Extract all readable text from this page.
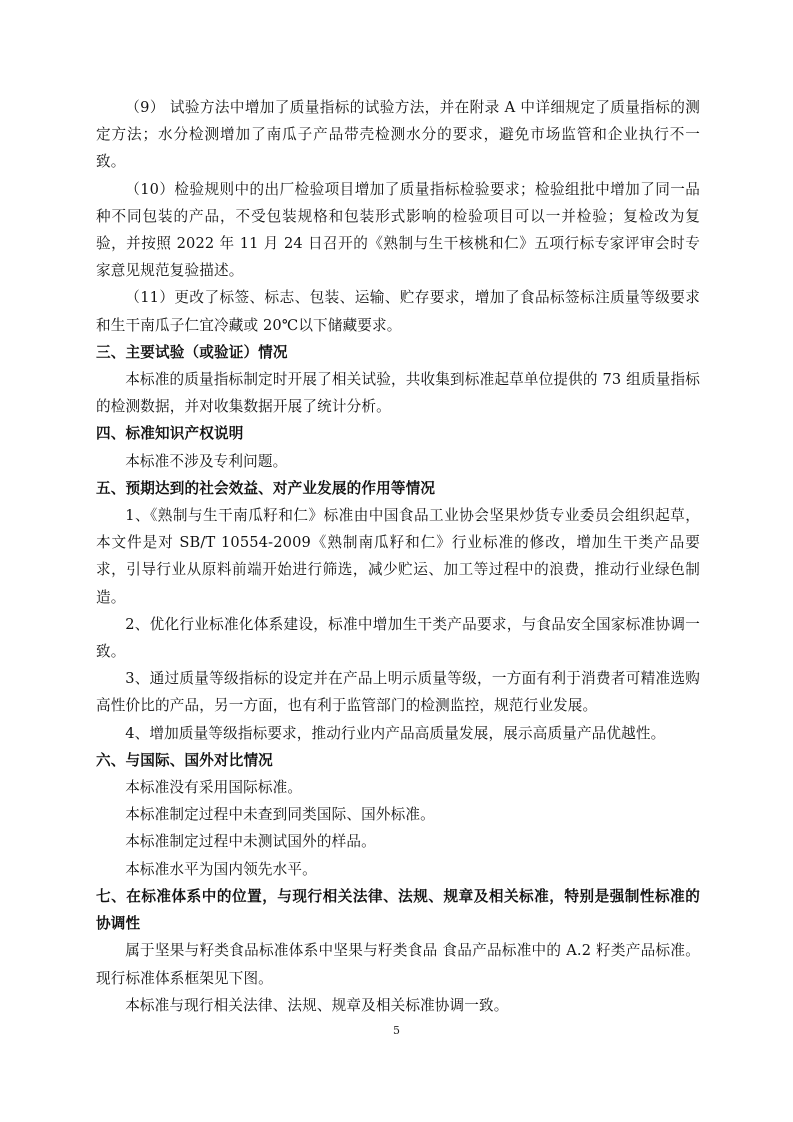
（9） 试验方法中增加了质量指标的试验方法，并在附录 A 中详细规定了质量指标的测定方法；水分检测增加了南瓜子产品带壳检测水分的要求，避免市场监管和企业执行不一致。

（10）检验规则中的出厂检验项目增加了质量指标检验要求；检验组批中增加了同一品种不同包装的产品，不受包装规格和包装形式影响的检验项目可以一并检验；复检改为复验，并按照 2022 年 11 月 24 日召开的《熟制与生干核桃和仁》五项行标专家评审会时专家意见规范复验描述。

（11）更改了标签、标志、包装、运输、贮存要求，增加了食品标签标注质量等级要求和生干南瓜子仁宜冷藏或 20℃以下储藏要求。

三、主要试验（或验证）情况

本标准的质量指标制定时开展了相关试验，共收集到标准起草单位提供的 73 组质量指标的检测数据，并对收集数据开展了统计分析。

四、标准知识产权说明

本标准不涉及专利问题。

五、预期达到的社会效益、对产业发展的作用等情况

1、《熟制与生干南瓜籽和仁》标准由中国食品工业协会坚果炒货专业委员会组织起草，本文件是对 SB/T 10554-2009《熟制南瓜籽和仁》行业标准的修改，增加生干类产品要求，引导行业从原料前端开始进行筛选，减少贮运、加工等过程中的浪费，推动行业绿色制造。

2、优化行业标准化体系建设，标准中增加生干类产品要求，与食品安全国家标准协调一致。

3、通过质量等级指标的设定并在产品上明示质量等级，一方面有利于消费者可精准选购高性价比的产品，另一方面，也有利于监管部门的检测监控，规范行业发展。

4、增加质量等级指标要求，推动行业内产品高质量发展，展示高质量产品优越性。

六、与国际、国外对比情况

本标准没有采用国际标准。

本标准制定过程中未查到同类国际、国外标准。

本标准制定过程中未测试国外的样品。

本标准水平为国内领先水平。

七、在标准体系中的位置，与现行相关法律、法规、规章及相关标准，特别是强制性标准的协调性

属于坚果与籽类食品标准体系中坚果与籽类食品 食品产品标准中的 A.2 籽类产品标准。现行标准体系框架见下图。

本标准与现行相关法律、法规、规章及相关标准协调一致。

5
